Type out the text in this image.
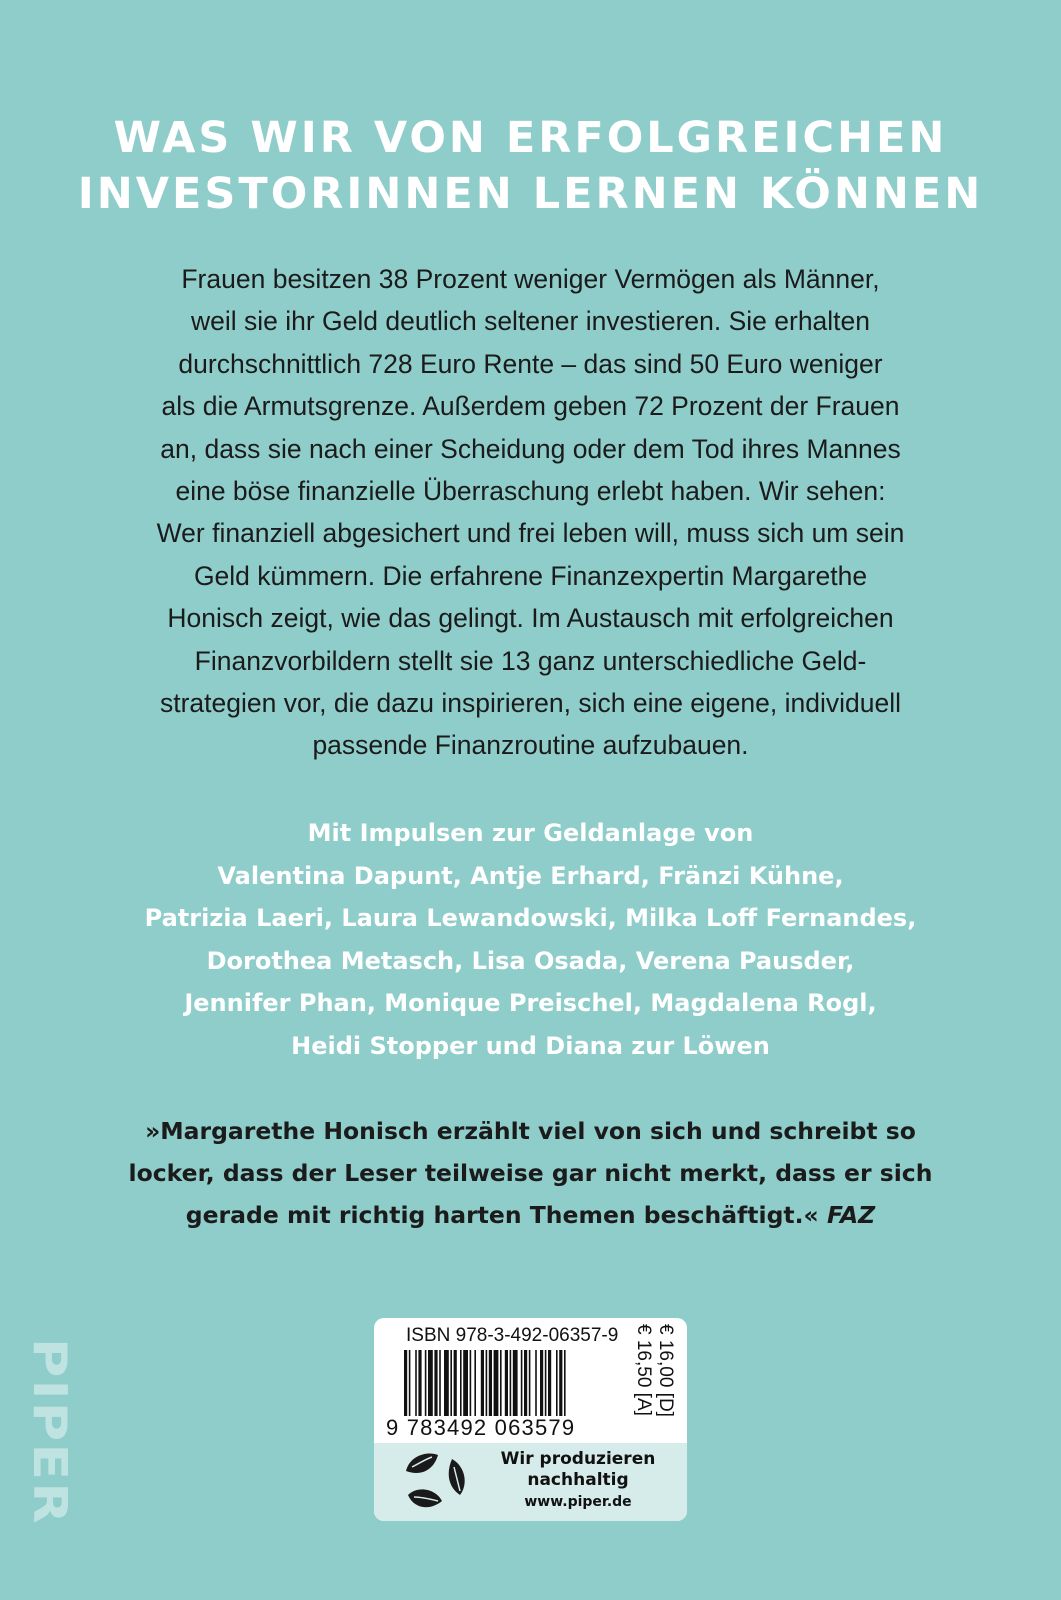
WAS WIR VON ERFOLGREICHEN
INVESTORINNEN LERNEN KÖNNEN
Frauen besitzen 38 Prozent weniger Vermögen als Männer,
weil sie ihr Geld deutlich seltener investieren. Sie erhalten
durchschnittlich 728 Euro Rente – das sind 50 Euro weniger
als die Armutsgrenze. Außerdem geben 72 Prozent der Frauen
an, dass sie nach einer Scheidung oder dem Tod ihres Mannes
eine böse finanzielle Überraschung erlebt haben. Wir sehen:
Wer finanziell abgesichert und frei leben will, muss sich um sein
Geld kümmern. Die erfahrene Finanzexpertin Margarethe
Honisch zeigt, wie das gelingt. Im Austausch mit erfolgreichen
Finanzvorbildern stellt sie 13 ganz unterschiedliche Geld-
strategien vor, die dazu inspirieren, sich eine eigene, individuell
passende Finanzroutine aufzubauen.
Mit Impulsen zur Geldanlage von
Valentina Dapunt, Antje Erhard, Fränzi Kühne,
Patrizia Laeri, Laura Lewandowski, Milka Loff Fernandes,
Dorothea Metasch, Lisa Osada, Verena Pausder,
Jennifer Phan, Monique Preischel, Magdalena Rogl,
Heidi Stopper und Diana zur Löwen
»Margarethe Honisch erzählt viel von sich und schreibt so
locker, dass der Leser teilweise gar nicht merkt, dass er sich
gerade mit richtig harten Themen beschäftigt.« FAZ
PIPER
ISBN 978-3-492-06357-9
9 783492 063579
€ 16,00 [D]
€ 16,50 [A]
Wir produzieren
nachhaltig
www.piper.de
